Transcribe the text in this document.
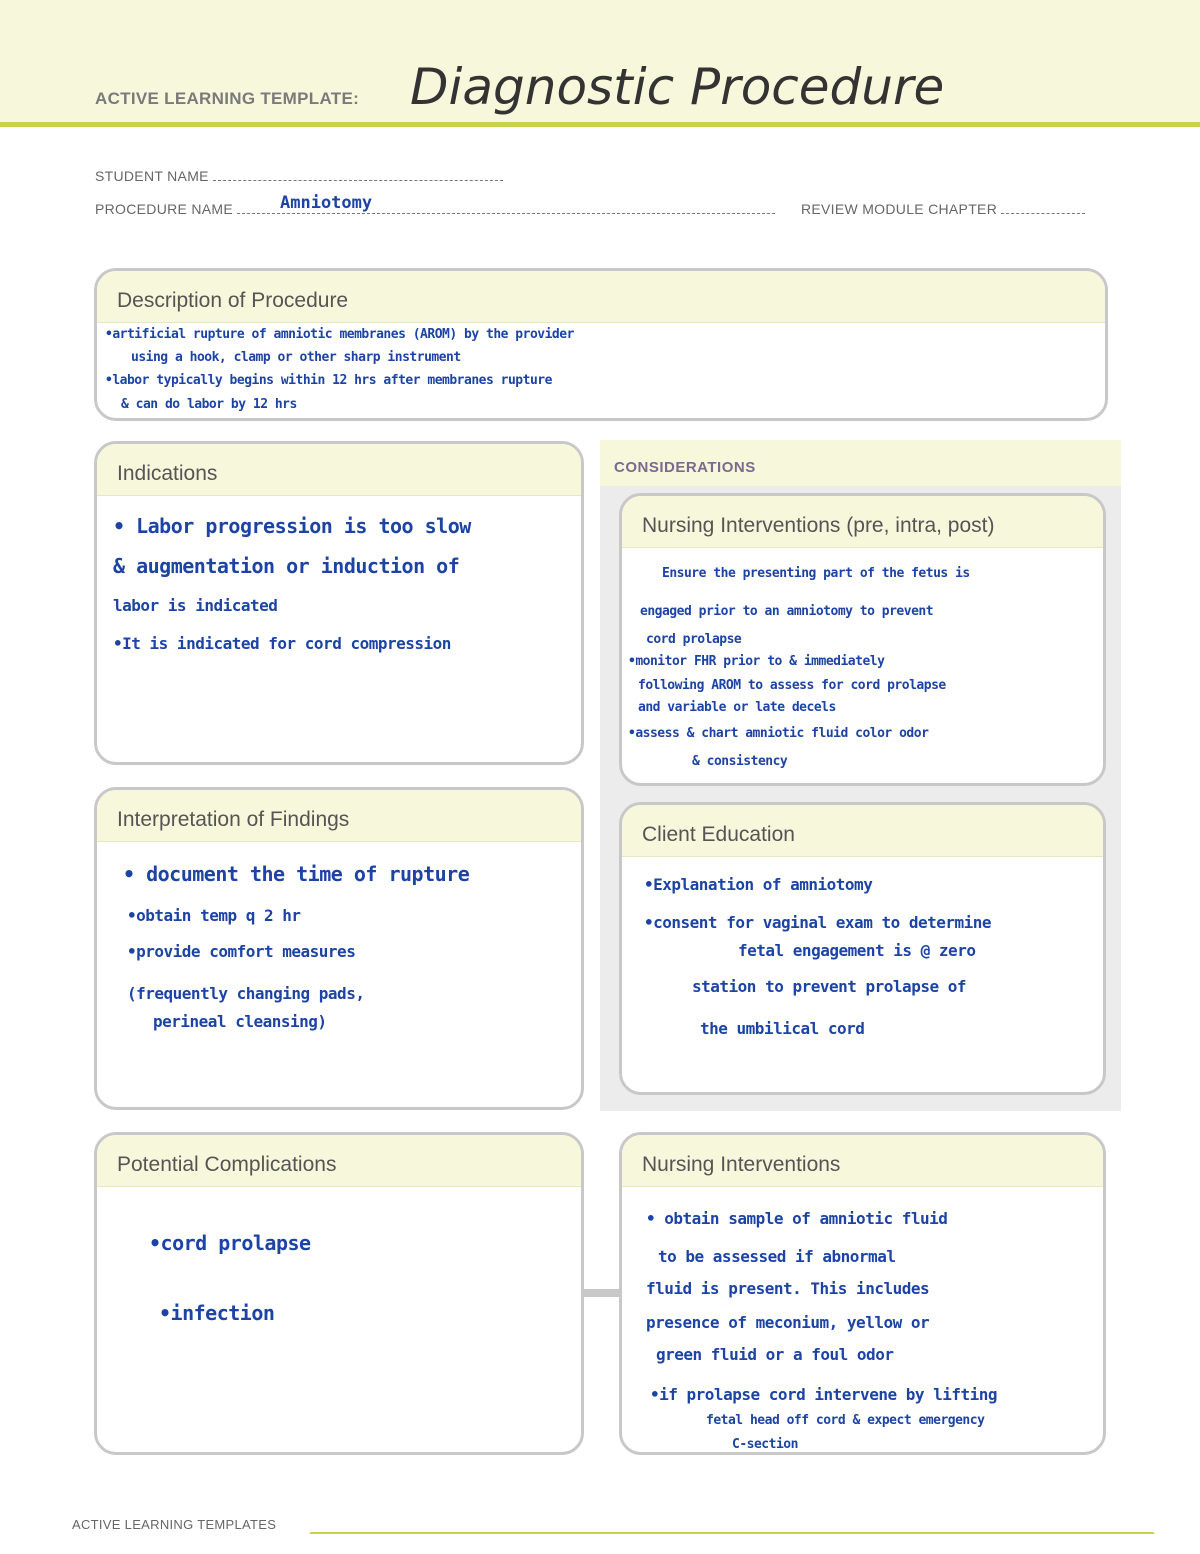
ACTIVE LEARNING TEMPLATE: Diagnostic Procedure
STUDENT NAME
PROCEDURE NAME	Amniotomy	REVIEW MODULE CHAPTER
Description of Procedure
•artificial rupture of amniotic membranes (AROM) by the provider
using a hook, clamp or other sharp instrument
•labor typically begins within 12 hrs after membranes rupture
& can do labor by 12 hrs
CONSIDERATIONS
Indications
• Labor progression is too slow
& augmentation or induction of
labor is indicated
•It is indicated for cord compression
Nursing Interventions (pre, intra, post)
Ensure the presenting part of the fetus is
engaged prior to an amniotomy to prevent
cord prolapse
•monitor FHR prior to & immediately
following AROM to assess for cord prolapse
and variable or late decels
•assess & chart amniotic fluid color odor
& consistency
Interpretation of Findings
• document the time of rupture
•obtain temp q 2 hr
•provide comfort measures
(frequently changing pads,
perineal cleansing)
Client Education
•Explanation of amniotomy
•consent for vaginal exam to determine
fetal engagement is @ zero
station to prevent prolapse of
the umbilical cord
Potential Complications
•cord prolapse
•infection
Nursing Interventions
• obtain sample of amniotic fluid
to be assessed if abnormal
fluid is present. This includes
presence of meconium, yellow or
green fluid or a foul odor
•if prolapse cord intervene by lifting
fetal head off cord & expect emergency
C-section
ACTIVE LEARNING TEMPLATES
